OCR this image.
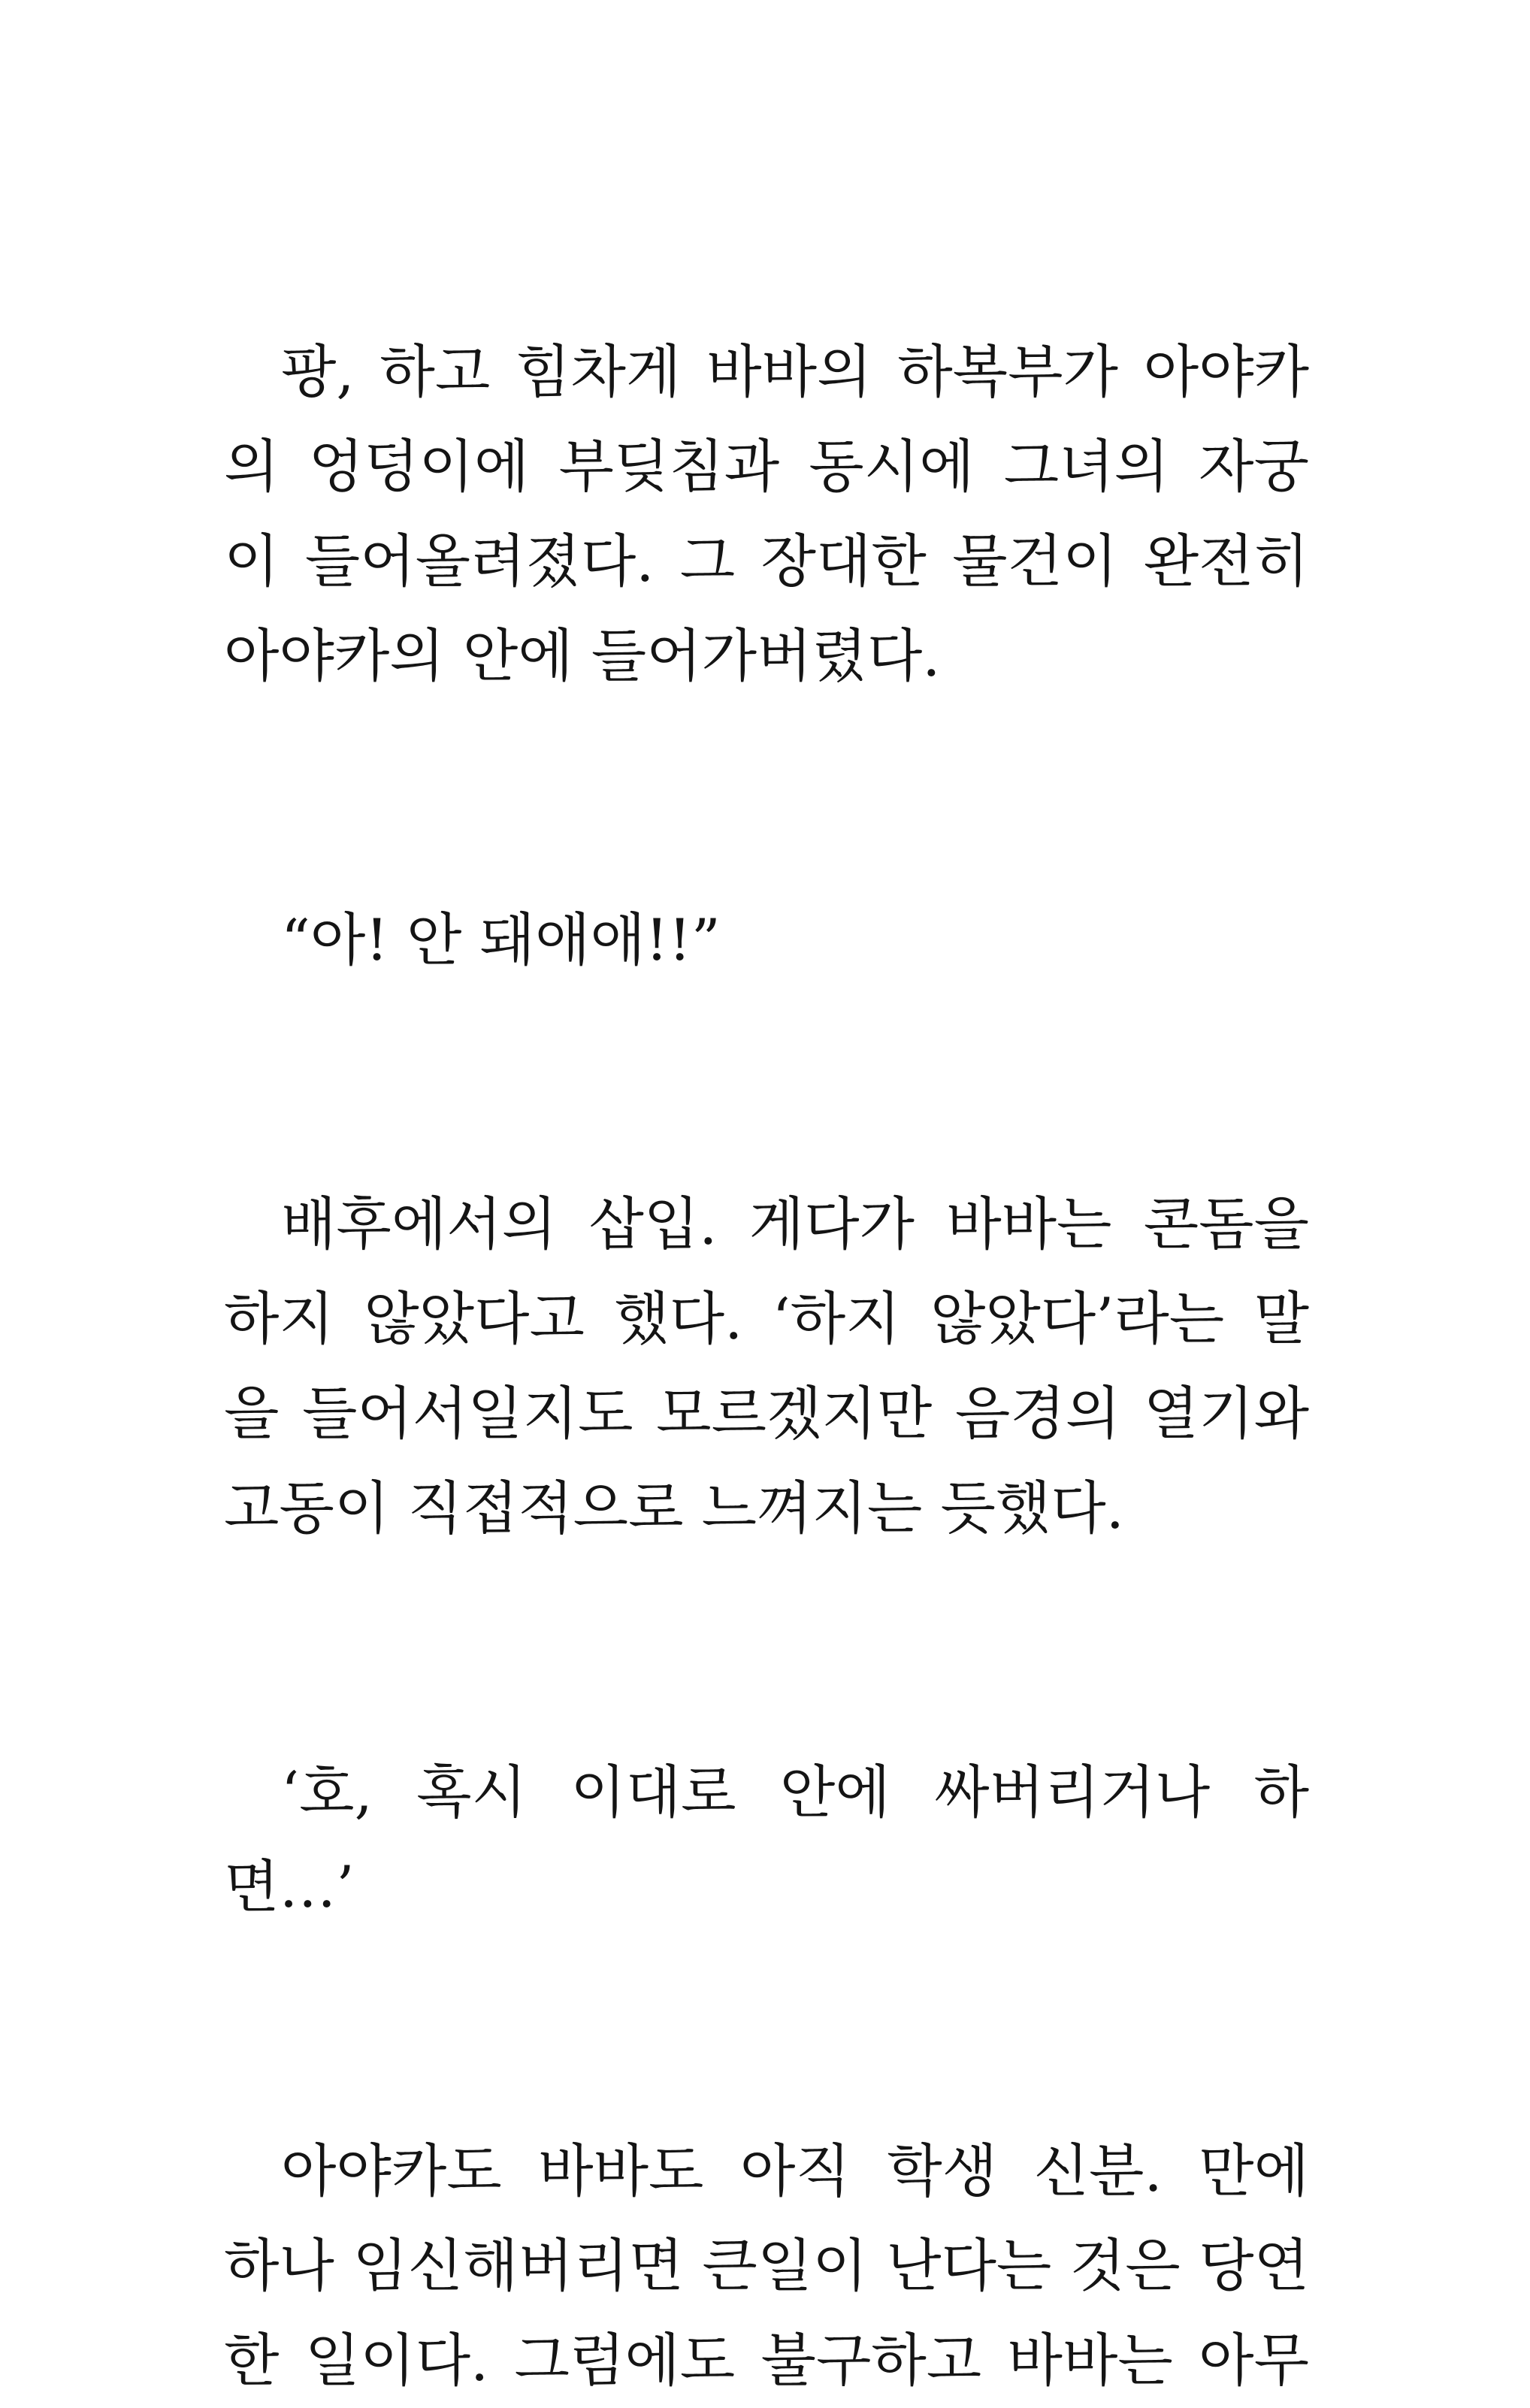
팡, 하고 힘차게 바바의 하복부가 아야카
의 엉덩이에 부딪침과 동시에 그녀의 자궁
이 들어올려졌다. 그 장대한 물건이 완전히
아야카의 안에 들어가버렸다.
“아! 안 돼애애!!”
배후에서의 삽입. 게다가 바바는 콘돔을
하지 않았다고 했다. ‘하지 않았다’라는 말
을 들어서일지도 모르겠지만 음경의 열기와
고동이 직접적으로 느껴지는 듯했다.
‘호, 혹시 이대로 안에 싸버리거나 하
면…’
아야카도 바바도 아직 학생 신분. 만에
하나 임신해버리면 큰일이 난다는 것은 당연
한 일이다. 그럼에도 불구하고 바바는 아무
